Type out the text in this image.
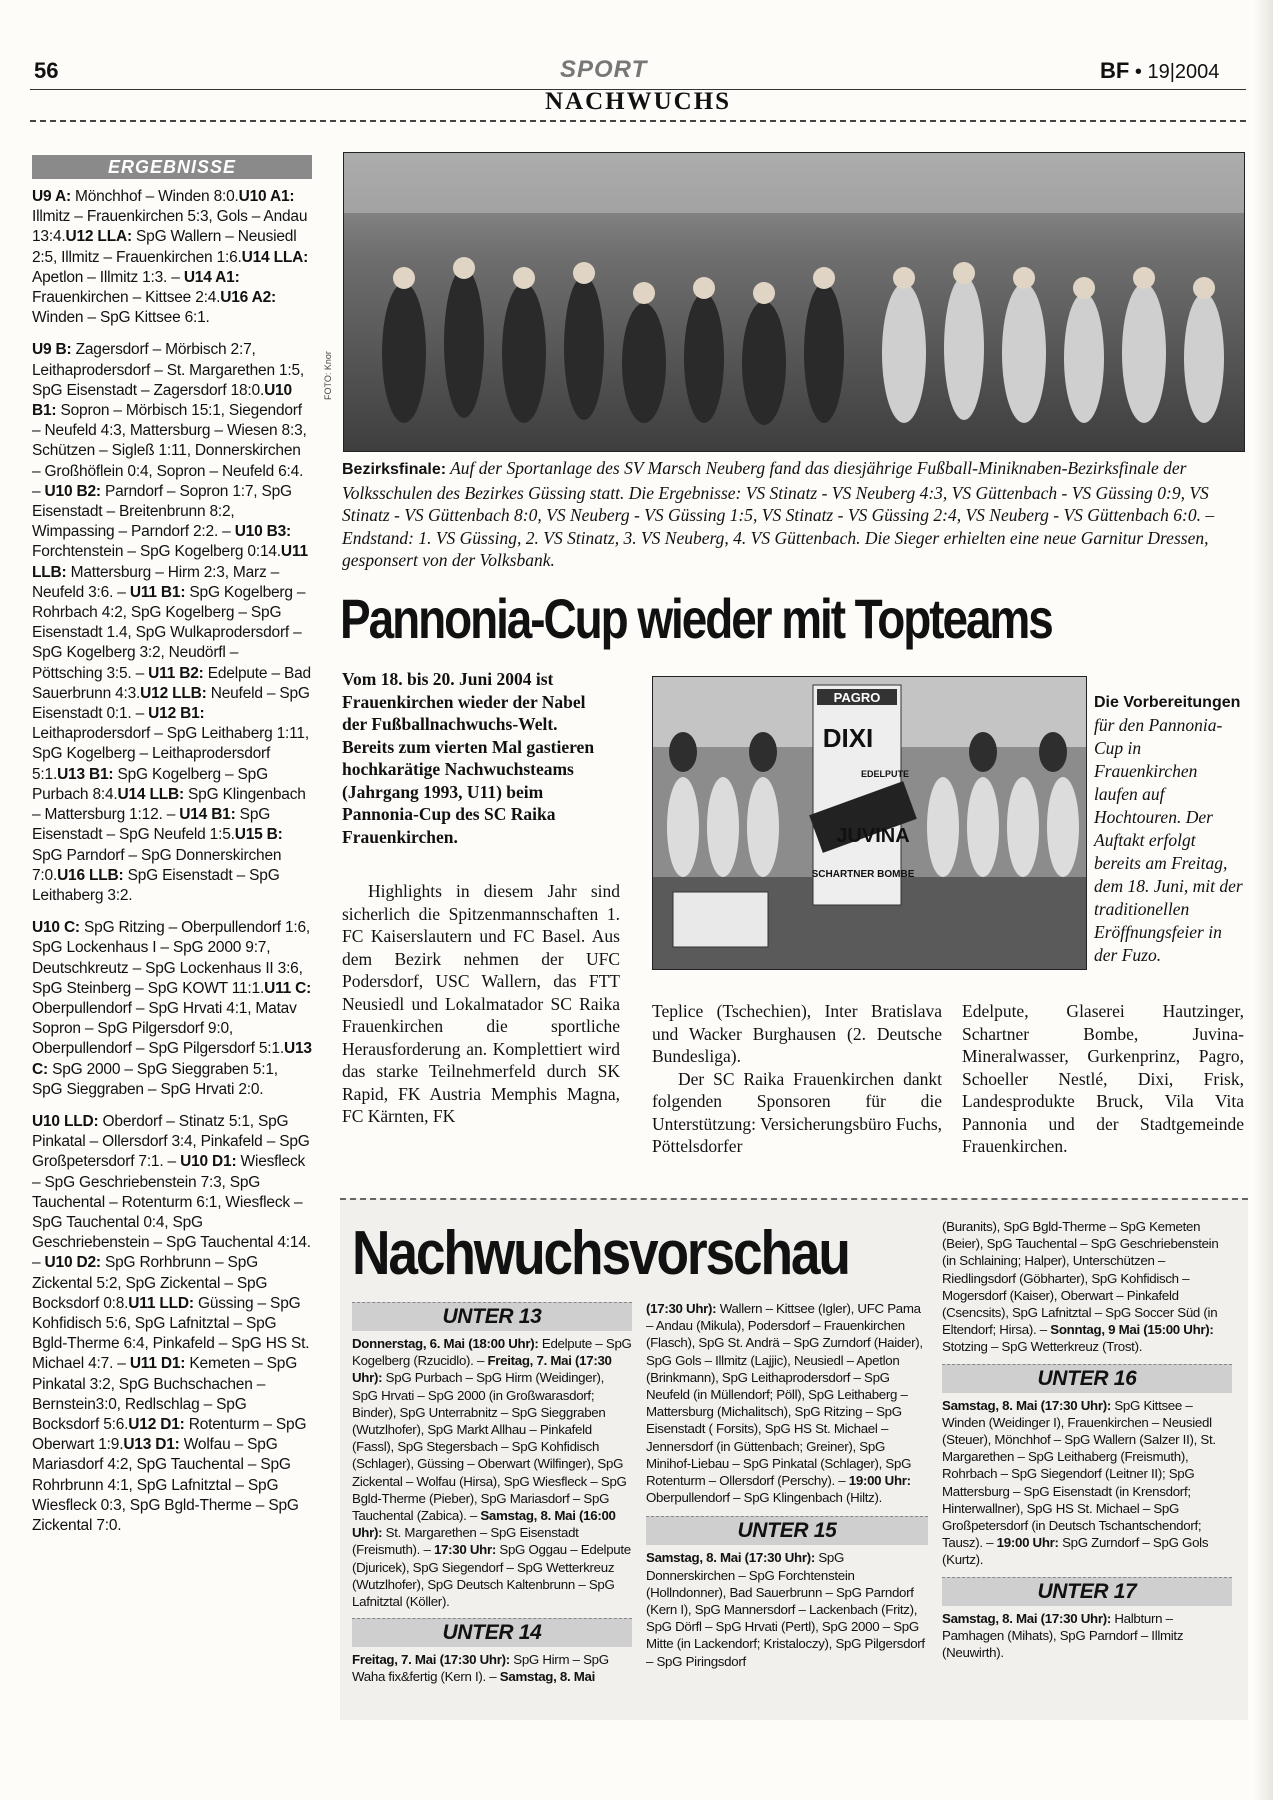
56	SPORT	BF • 19|2004
NACHWUCHS
ERGEBNISSE

U9 A: Mönchhof – Winden 8:0.U10 A1: Illmitz – Frauenkirchen 5:3, Gols – Andau 13:4.U12 LLA: SpG Wallern – Neusiedl 2:5, Illmitz – Frauenkirchen 1:6.U14 LLA: Apetlon – Illmitz 1:3. – U14 A1: Frauenkirchen – Kittsee 2:4.U16 A2: Winden – SpG Kittsee 6:1.

U9 B: Zagersdorf – Mörbisch 2:7, Leithaprodersdorf – St. Margarethen 1:5, SpG Eisenstadt – Zagersdorf 18:0.U10 B1: Sopron – Mörbisch 15:1, Siegendorf – Neufeld 4:3, Mattersburg – Wiesen 8:3, Schützen – Sigleß 1:11, Donnerskirchen – Großhöflein 0:4, Sopron – Neufeld 6:4. – U10 B2: Parndorf – Sopron 1:7, SpG Eisenstadt – Breitenbrunn 8:2, Wimpassing – Parndorf 2:2. – U10 B3: Forchtenstein – SpG Kogelberg 0:14.U11 LLB: Mattersburg – Hirm 2:3, Marz – Neufeld 3:6. – U11 B1: SpG Kogelberg – Rohrbach 4:2, SpG Kogelberg – SpG Eisenstadt 1.4, SpG Wulkaprodersdorf – SpG Kogelberg 3:2, Neudörfl – Pöttsching 3:5. – U11 B2: Edelpute – Bad Sauerbrunn 4:3.U12 LLB: Neufeld – SpG Eisenstadt 0:1. – U12 B1: Leithaprodersdorf – SpG Leithaberg 1:11, SpG Kogelberg – Leithaprodersdorf 5:1.U13 B1: SpG Kogelberg – SpG Purbach 8:4.U14 LLB: SpG Klingenbach – Mattersburg 1:12. – U14 B1: SpG Eisenstadt – SpG Neufeld 1:5.U15 B: SpG Parndorf – SpG Donnerskirchen 7:0.U16 LLB: SpG Eisenstadt – SpG Leithaberg 3:2.

U10 C: SpG Ritzing – Oberpullendorf 1:6, SpG Lockenhaus I – SpG 2000 9:7, Deutschkreutz – SpG Lockenhaus II 3:6, SpG Steinberg – SpG KOWT 11:1.U11 C: Oberpullendorf – SpG Hrvati 4:1, Matav Sopron – SpG Pilgersdorf 9:0, Oberpullendorf – SpG Pilgersdorf 5:1.U13 C: SpG 2000 – SpG Sieggraben 5:1, SpG Sieggraben – SpG Hrvati 2:0.

U10 LLD: Oberdorf – Stinatz 5:1, SpG Pinkatal – Ollersdorf 3:4, Pinkafeld – SpG Großpetersdorf 7:1. – U10 D1: Wiesfleck – SpG Geschriebenstein 7:3, SpG Tauchental – Rotenturm 6:1, Wiesfleck – SpG Tauchental 0:4, SpG Geschriebenstein – SpG Tauchental 4:14. – U10 D2: SpG Rorhbrunn – SpG Zickental 5:2, SpG Zickental – SpG Bocksdorf 0:8.U11 LLD: Güssing – SpG Kohfidisch 5:6, SpG Lafnitztal – SpG Bgld-Therme 6:4, Pinkafeld – SpG HS St. Michael 4:7. – U11 D1: Kemeten – SpG Pinkatal 3:2, SpG Buchschachen – Bernstein3:0, Redlschlag – SpG Bocksdorf 5:6.U12 D1: Rotenturm – SpG Oberwart 1:9.U13 D1: Wolfau – SpG Mariasdorf 4:2, SpG Tauchental – SpG Rohrbrunn 4:1, SpG Lafnitztal – SpG Wiesfleck 0:3, SpG Bgld-Therme – SpG Zickental 7:0.

FOTO: Knor
Bezirksfinale: Auf der Sportanlage des SV Marsch Neuberg fand das diesjährige Fußball-Miniknaben-Bezirksfinale der Volksschulen des Bezirkes Güssing statt. Die Ergebnisse: VS Stinatz - VS Neuberg 4:3, VS Güttenbach - VS Güssing 0:9, VS Stinatz - VS Güttenbach 8:0, VS Neuberg - VS Güssing 1:5, VS Stinatz - VS Güssing 2:4, VS Neuberg - VS Güttenbach 6:0. – Endstand: 1. VS Güssing, 2. VS Stinatz, 3. VS Neuberg, 4. VS Güttenbach. Die Sieger erhielten eine neue Garnitur Dressen, gesponsert von der Volksbank.
Pannonia-Cup wieder mit Topteams
Vom 18. bis 20. Juni 2004 ist Frauenkirchen wieder der Nabel der Fußballnachwuchs-Welt. Bereits zum vierten Mal gastieren hochkarätige Nachwuchsteams (Jahrgang 1993, U11) beim Pannonia-Cup des SC Raika Frauenkirchen.
Highlights in diesem Jahr sind sicherlich die Spitzenmannschaften 1. FC Kaiserslautern und FC Basel. Aus dem Bezirk nehmen der UFC Podersdorf, USC Wallern, das FTT Neusiedl und Lokalmatador SC Raika Frauenkirchen die sportliche Herausforderung an. Komplettiert wird das starke Teilnehmerfeld durch SK Rapid, FK Austria Memphis Magna, FC Kärnten, FK
PAGRO
DIXI
JUVINA
SCHARTNER BOMBE
EDELPUTE
Die Vorbereitungen für den Pannonia-Cup in Frauenkirchen laufen auf Hochtouren. Der Auftakt erfolgt bereits am Freitag, dem 18. Juni, mit der traditionellen Eröffnungsfeier in der Fuzo.
Teplice (Tschechien), Inter Bratislava und Wacker Burghausen (2. Deutsche Bundesliga).
Der SC Raika Frauenkirchen dankt folgenden Sponsoren für die Unterstützung: Versicherungsbüro Fuchs, Pöttelsdorfer
Edelpute, Glaserei Hautzinger, Schartner Bombe, Juvina-Mineralwasser, Gurkenprinz, Pagro, Schoeller Nestlé, Dixi, Frisk, Landesprodukte Bruck, Vila Vita Pannonia und der Stadtgemeinde Frauenkirchen.
Nachwuchsvorschau
UNTER 13
Donnerstag, 6. Mai (18:00 Uhr): Edelpute – SpG Kogelberg (Rzucidlo). – Freitag, 7. Mai (17:30 Uhr): SpG Purbach – SpG Hirm (Weidinger), SpG Hrvati – SpG 2000 (in Großwarasdorf; Binder), SpG Unterrabnitz – SpG Sieggraben (Wutzlhofer), SpG Markt Allhau – Pinkafeld (Fassl), SpG Stegersbach – SpG Kohfidisch (Schlager), Güssing – Oberwart (Wilfinger), SpG Zickental – Wolfau (Hirsa), SpG Wiesfleck – SpG Bgld-Therme (Pieber), SpG Mariasdorf – SpG Tauchental (Zabica). – Samstag, 8. Mai (16:00 Uhr): St. Margarethen – SpG Eisenstadt (Freismuth). – 17:30 Uhr: SpG Oggau – Edelpute (Djuricek), SpG Siegendorf – SpG Wetterkreuz (Wutzlhofer), SpG Deutsch Kaltenbrunn – SpG Lafnitztal (Köller).
UNTER 14
Freitag, 7. Mai (17:30 Uhr): SpG Hirm – SpG Waha fix&fertig (Kern I). – Samstag, 8. Mai
(17:30 Uhr): Wallern – Kittsee (Igler), UFC Pama – Andau (Mikula), Podersdorf – Frauenkirchen (Flasch), SpG St. Andrä – SpG Zurndorf (Haider), SpG Gols – Illmitz (Lajjic), Neusiedl – Apetlon (Brinkmann), SpG Leithaprodersdorf – SpG Neufeld (in Müllendorf; Pöll), SpG Leithaberg – Mattersburg (Michalitsch), SpG Ritzing – SpG Eisenstadt ( Forsits), SpG HS St. Michael – Jennersdorf (in Güttenbach; Greiner), SpG Minihof-Liebau – SpG Pinkatal (Schlager), SpG Rotenturm – Ollersdorf (Perschy). – 19:00 Uhr: Oberpullendorf – SpG Klingenbach (Hiltz).
UNTER 15
Samstag, 8. Mai (17:30 Uhr): SpG Donnerskirchen – SpG Forchtenstein (Hollndonner), Bad Sauerbrunn – SpG Parndorf (Kern I), SpG Mannersdorf – Lackenbach (Fritz), SpG Dörfl – SpG Hrvati (Pertl), SpG 2000 – SpG Mitte (in Lackendorf; Kristaloczy), SpG Pilgersdorf – SpG Piringsdorf
(Buranits), SpG Bgld-Therme – SpG Kemeten (Beier), SpG Tauchental – SpG Geschriebenstein (in Schlaining; Halper), Unterschützen – Riedlingsdorf (Göbharter), SpG Kohfidisch – Mogersdorf (Kaiser), Oberwart – Pinkafeld (Csencsits), SpG Lafnitztal – SpG Soccer Süd (in Eltendorf; Hirsa). – Sonntag, 9 Mai (15:00 Uhr): Stotzing – SpG Wetterkreuz (Trost).
UNTER 16
Samstag, 8. Mai (17:30 Uhr): SpG Kittsee – Winden (Weidinger I), Frauenkirchen – Neusiedl (Steuer), Mönchhof – SpG Wallern (Salzer II), St. Margarethen – SpG Leithaberg (Freismuth), Rohrbach – SpG Siegendorf (Leitner II); SpG Mattersburg – SpG Eisenstadt (in Krensdorf; Hinterwallner), SpG HS St. Michael – SpG Großpetersdorf (in Deutsch Tschantschendorf; Tausz). – 19:00 Uhr: SpG Zurndorf – SpG Gols (Kurtz).
UNTER 17
Samstag, 8. Mai (17:30 Uhr): Halbturn – Pamhagen (Mihats), SpG Parndorf – Illmitz (Neuwirth).
